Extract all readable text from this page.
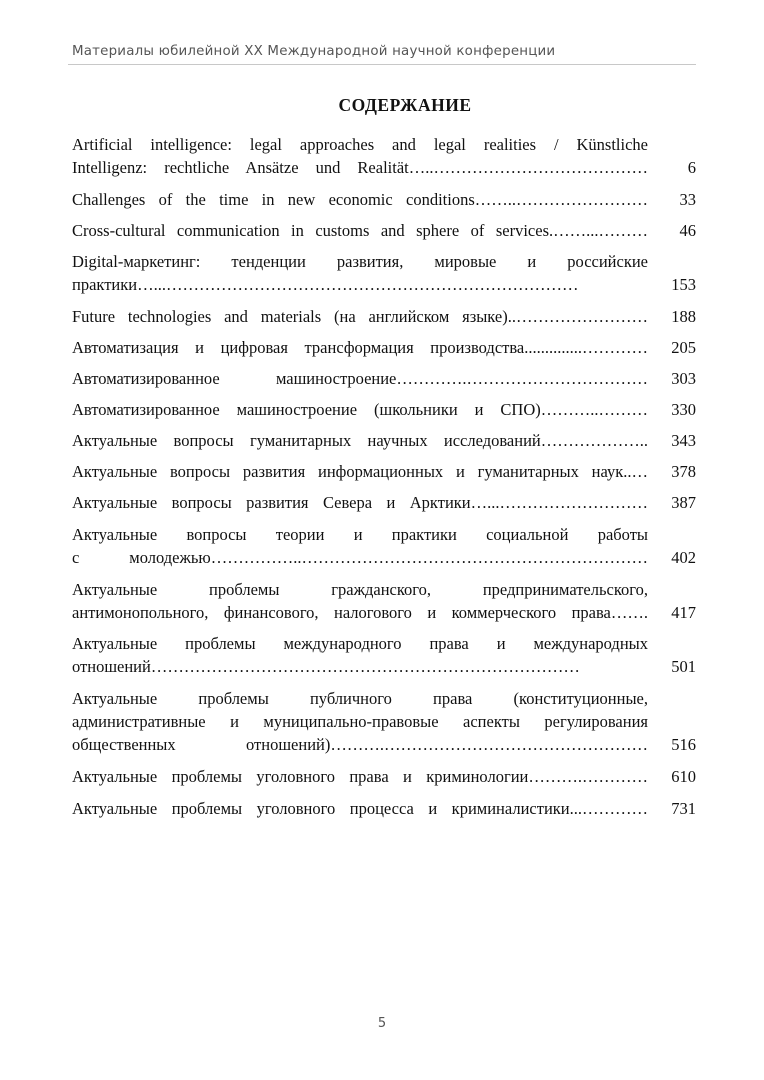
Материалы юбилейной XX Международной научной конференции
СОДЕРЖАНИЕ
Artificial intelligence: legal approaches and legal realities / Künstliche
Intelligenz: rechtliche Ansätze und Realität…..…………………………………	6
Challenges of the time in new economic conditions……..……………………	33
Cross-cultural communication in customs and sphere of services.……...………	46
Digital-маркетинг: тенденции развития, мировые и российские
практики…...…………………………………………………………………	153
Future technologies and materials (на английском языке)..……………………	188
Автоматизация и цифровая трансформация производства..............…………	205
Автоматизированное машиностроение………….……………………………	303
Автоматизированное машиностроение (школьники и СПО)………..………	330
Актуальные вопросы гуманитарных научных исследований………………..	343
Актуальные вопросы развития информационных и гуманитарных наук..…	378
Актуальные вопросы развития Севера и Арктики…...………………………	387
Актуальные вопросы теории и практики социальной работы
с молодежью……………..………………………………………………………	402
Актуальные проблемы гражданского, предпринимательского,
антимонопольного, финансового, налогового и коммерческого права…….	417
Актуальные проблемы международного права и международных
отношений……………………………………………………………………	501
Актуальные проблемы публичного права (конституционные,
административные и муниципально-правовые аспекты регулирования
общественных отношений)……….…………………………………………	516
Актуальные проблемы уголовного права и криминологии……….…………	610
Актуальные проблемы уголовного процесса и криминалистики...…………	731
5
